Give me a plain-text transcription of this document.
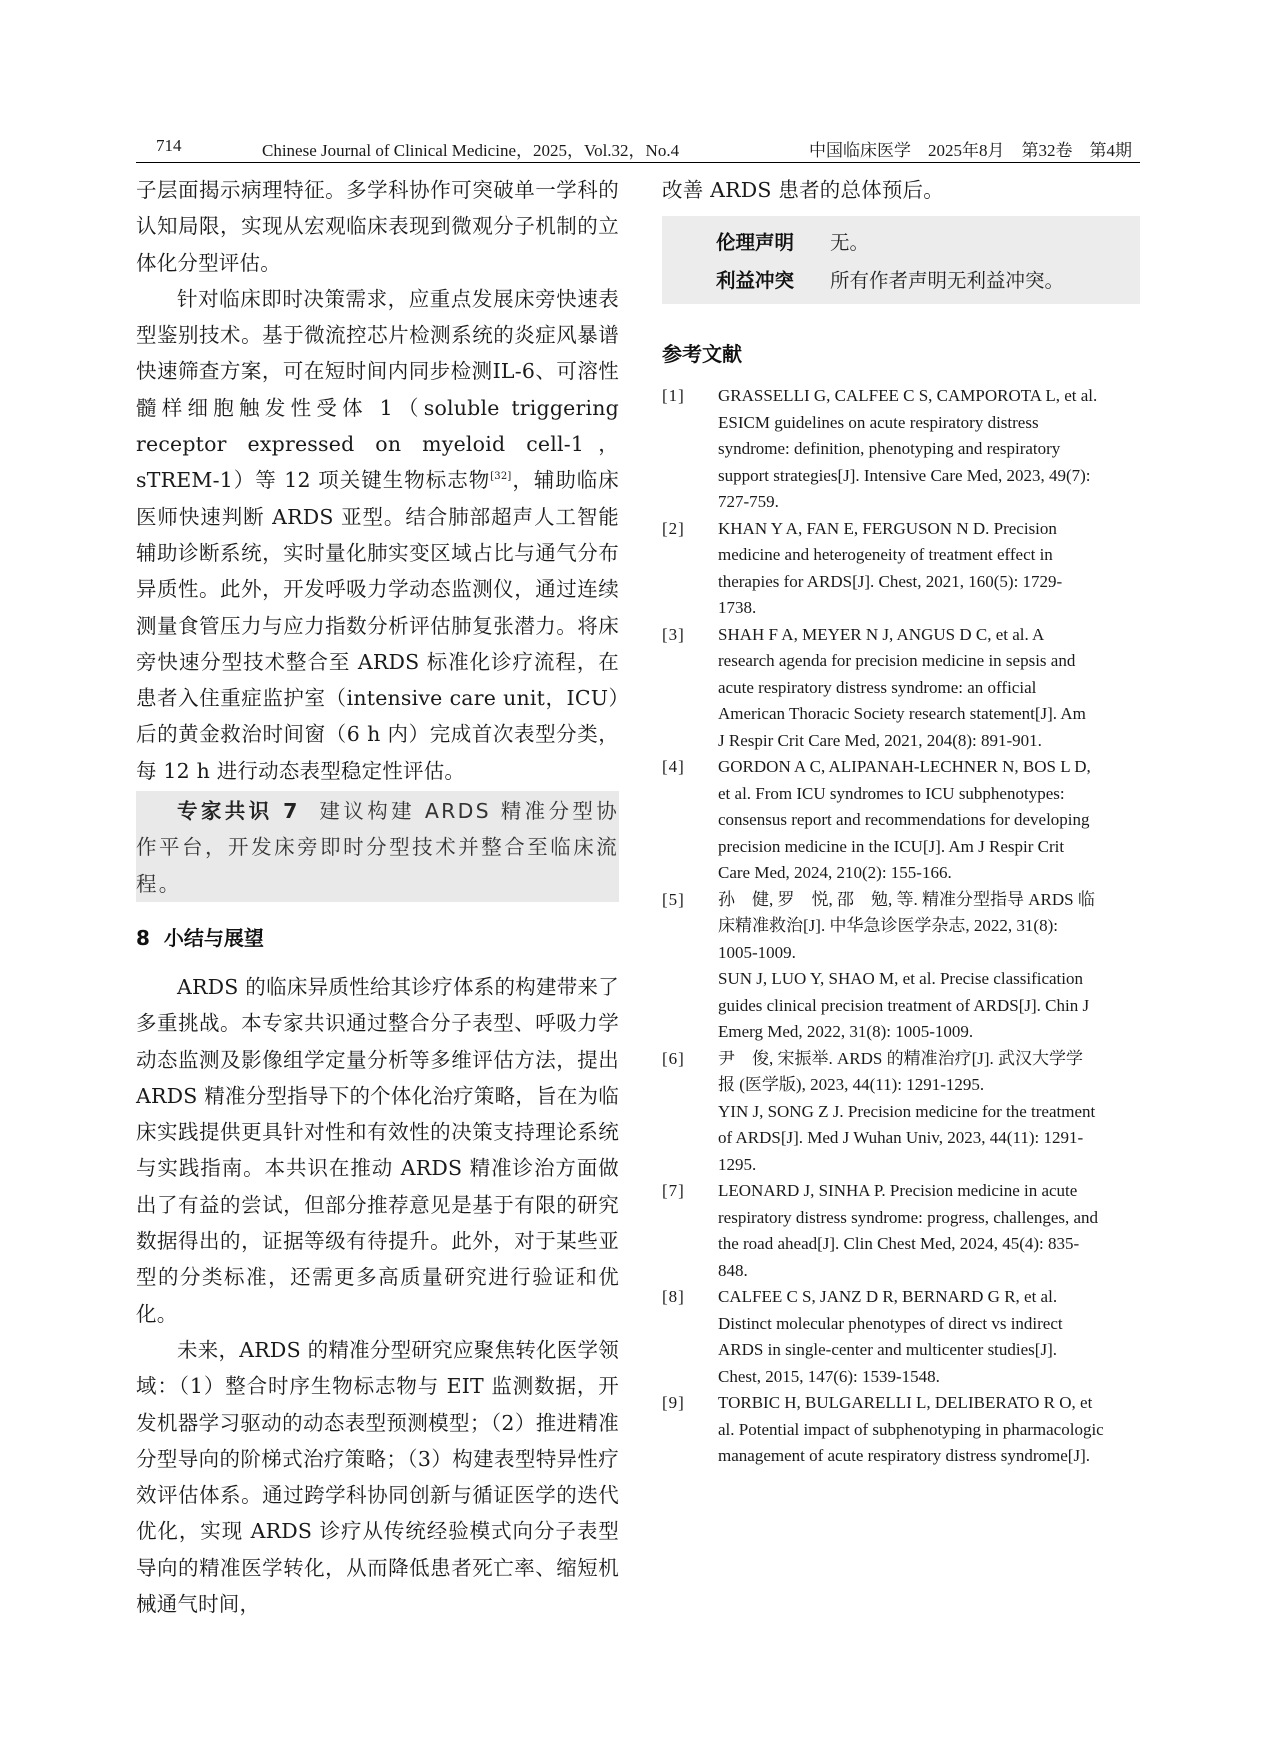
714	Chinese Journal of Clinical Medicine，2025，Vol.32，No.4	中国临床医学　2025年8月　第32卷　第4期

子层面揭示病理特征。多学科协作可突破单一学科的认知局限，实现从宏观临床表现到微观分子机制的立体化分型评估。

针对临床即时决策需求，应重点发展床旁快速表型鉴别技术。基于微流控芯片检测系统的炎症风暴谱快速筛查方案，可在短时间内同步检测IL-6、可溶性髓样细胞触发性受体 1（soluble triggering receptor expressed on myeloid cell-1，sTREM-1）等 12 项关键生物标志物[32]，辅助临床医师快速判断 ARDS 亚型。结合肺部超声人工智能辅助诊断系统，实时量化肺实变区域占比与通气分布异质性。此外，开发呼吸力学动态监测仪，通过连续测量食管压力与应力指数分析评估肺复张潜力。将床旁快速分型技术整合至 ARDS 标准化诊疗流程，在患者入住重症监护室（intensive care unit，ICU）后的黄金救治时间窗（6 h 内）完成首次表型分类，每 12 h 进行动态表型稳定性评估。

专家共识 7 建议构建 ARDS 精准分型协作平台，开发床旁即时分型技术并整合至临床流程。

8 小结与展望

ARDS 的临床异质性给其诊疗体系的构建带来了多重挑战。本专家共识通过整合分子表型、呼吸力学动态监测及影像组学定量分析等多维评估方法，提出 ARDS 精准分型指导下的个体化治疗策略，旨在为临床实践提供更具针对性和有效性的决策支持理论系统与实践指南。本共识在推动 ARDS 精准诊治方面做出了有益的尝试，但部分推荐意见是基于有限的研究数据得出的，证据等级有待提升。此外，对于某些亚型的分类标准，还需更多高质量研究进行验证和优化。

未来，ARDS 的精准分型研究应聚焦转化医学领域：（1）整合时序生物标志物与 EIT 监测数据，开发机器学习驱动的动态表型预测模型；（2）推进精准分型导向的阶梯式治疗策略；（3）构建表型特异性疗效评估体系。通过跨学科协同创新与循证医学的迭代优化，实现 ARDS 诊疗从传统经验模式向分子表型导向的精准医学转化，从而降低患者死亡率、缩短机械通气时间，

改善 ARDS 患者的总体预后。

伦理声明	无。
利益冲突	所有作者声明无利益冲突。
参考文献
[1]	GRASSELLI G, CALFEE C S, CAMPOROTA L, et al.
ESICM guidelines on acute respiratory distress
syndrome: definition, phenotyping and respiratory
support strategies[J]. Intensive Care Med, 2023, 49(7):
727-759.
[2]	KHAN Y A, FAN E, FERGUSON N D. Precision
medicine and heterogeneity of treatment effect in
therapies for ARDS[J]. Chest, 2021, 160(5): 1729-
1738.
[3]	SHAH F A, MEYER N J, ANGUS D C, et al. A
research agenda for precision medicine in sepsis and
acute respiratory distress syndrome: an official
American Thoracic Society research statement[J]. Am
J Respir Crit Care Med, 2021, 204(8): 891-901.
[4]	GORDON A C, ALIPANAH-LECHNER N, BOS L D,
et al. From ICU syndromes to ICU subphenotypes:
consensus report and recommendations for developing
precision medicine in the ICU[J]. Am J Respir Crit
Care Med, 2024, 210(2): 155-166.
[5]	孙　健, 罗　悦, 邵　勉, 等. 精准分型指导 ARDS 临
床精准救治[J]. 中华急诊医学杂志, 2022, 31(8):
1005-1009.
SUN J, LUO Y, SHAO M, et al. Precise classification
guides clinical precision treatment of ARDS[J]. Chin J
Emerg Med, 2022, 31(8): 1005-1009.
[6]	尹　俊, 宋振举. ARDS 的精准治疗[J]. 武汉大学学
报 (医学版), 2023, 44(11): 1291-1295.
YIN J, SONG Z J. Precision medicine for the treatment
of ARDS[J]. Med J Wuhan Univ, 2023, 44(11): 1291-
1295.
[7]	LEONARD J, SINHA P. Precision medicine in acute
respiratory distress syndrome: progress, challenges, and
the road ahead[J]. Clin Chest Med, 2024, 45(4): 835-
848.
[8]	CALFEE C S, JANZ D R, BERNARD G R, et al.
Distinct molecular phenotypes of direct vs indirect
ARDS in single-center and multicenter studies[J].
Chest, 2015, 147(6): 1539-1548.
[9]	TORBIC H, BULGARELLI L, DELIBERATO R O, et
al. Potential impact of subphenotyping in pharmacologic
management of acute respiratory distress syndrome[J].
